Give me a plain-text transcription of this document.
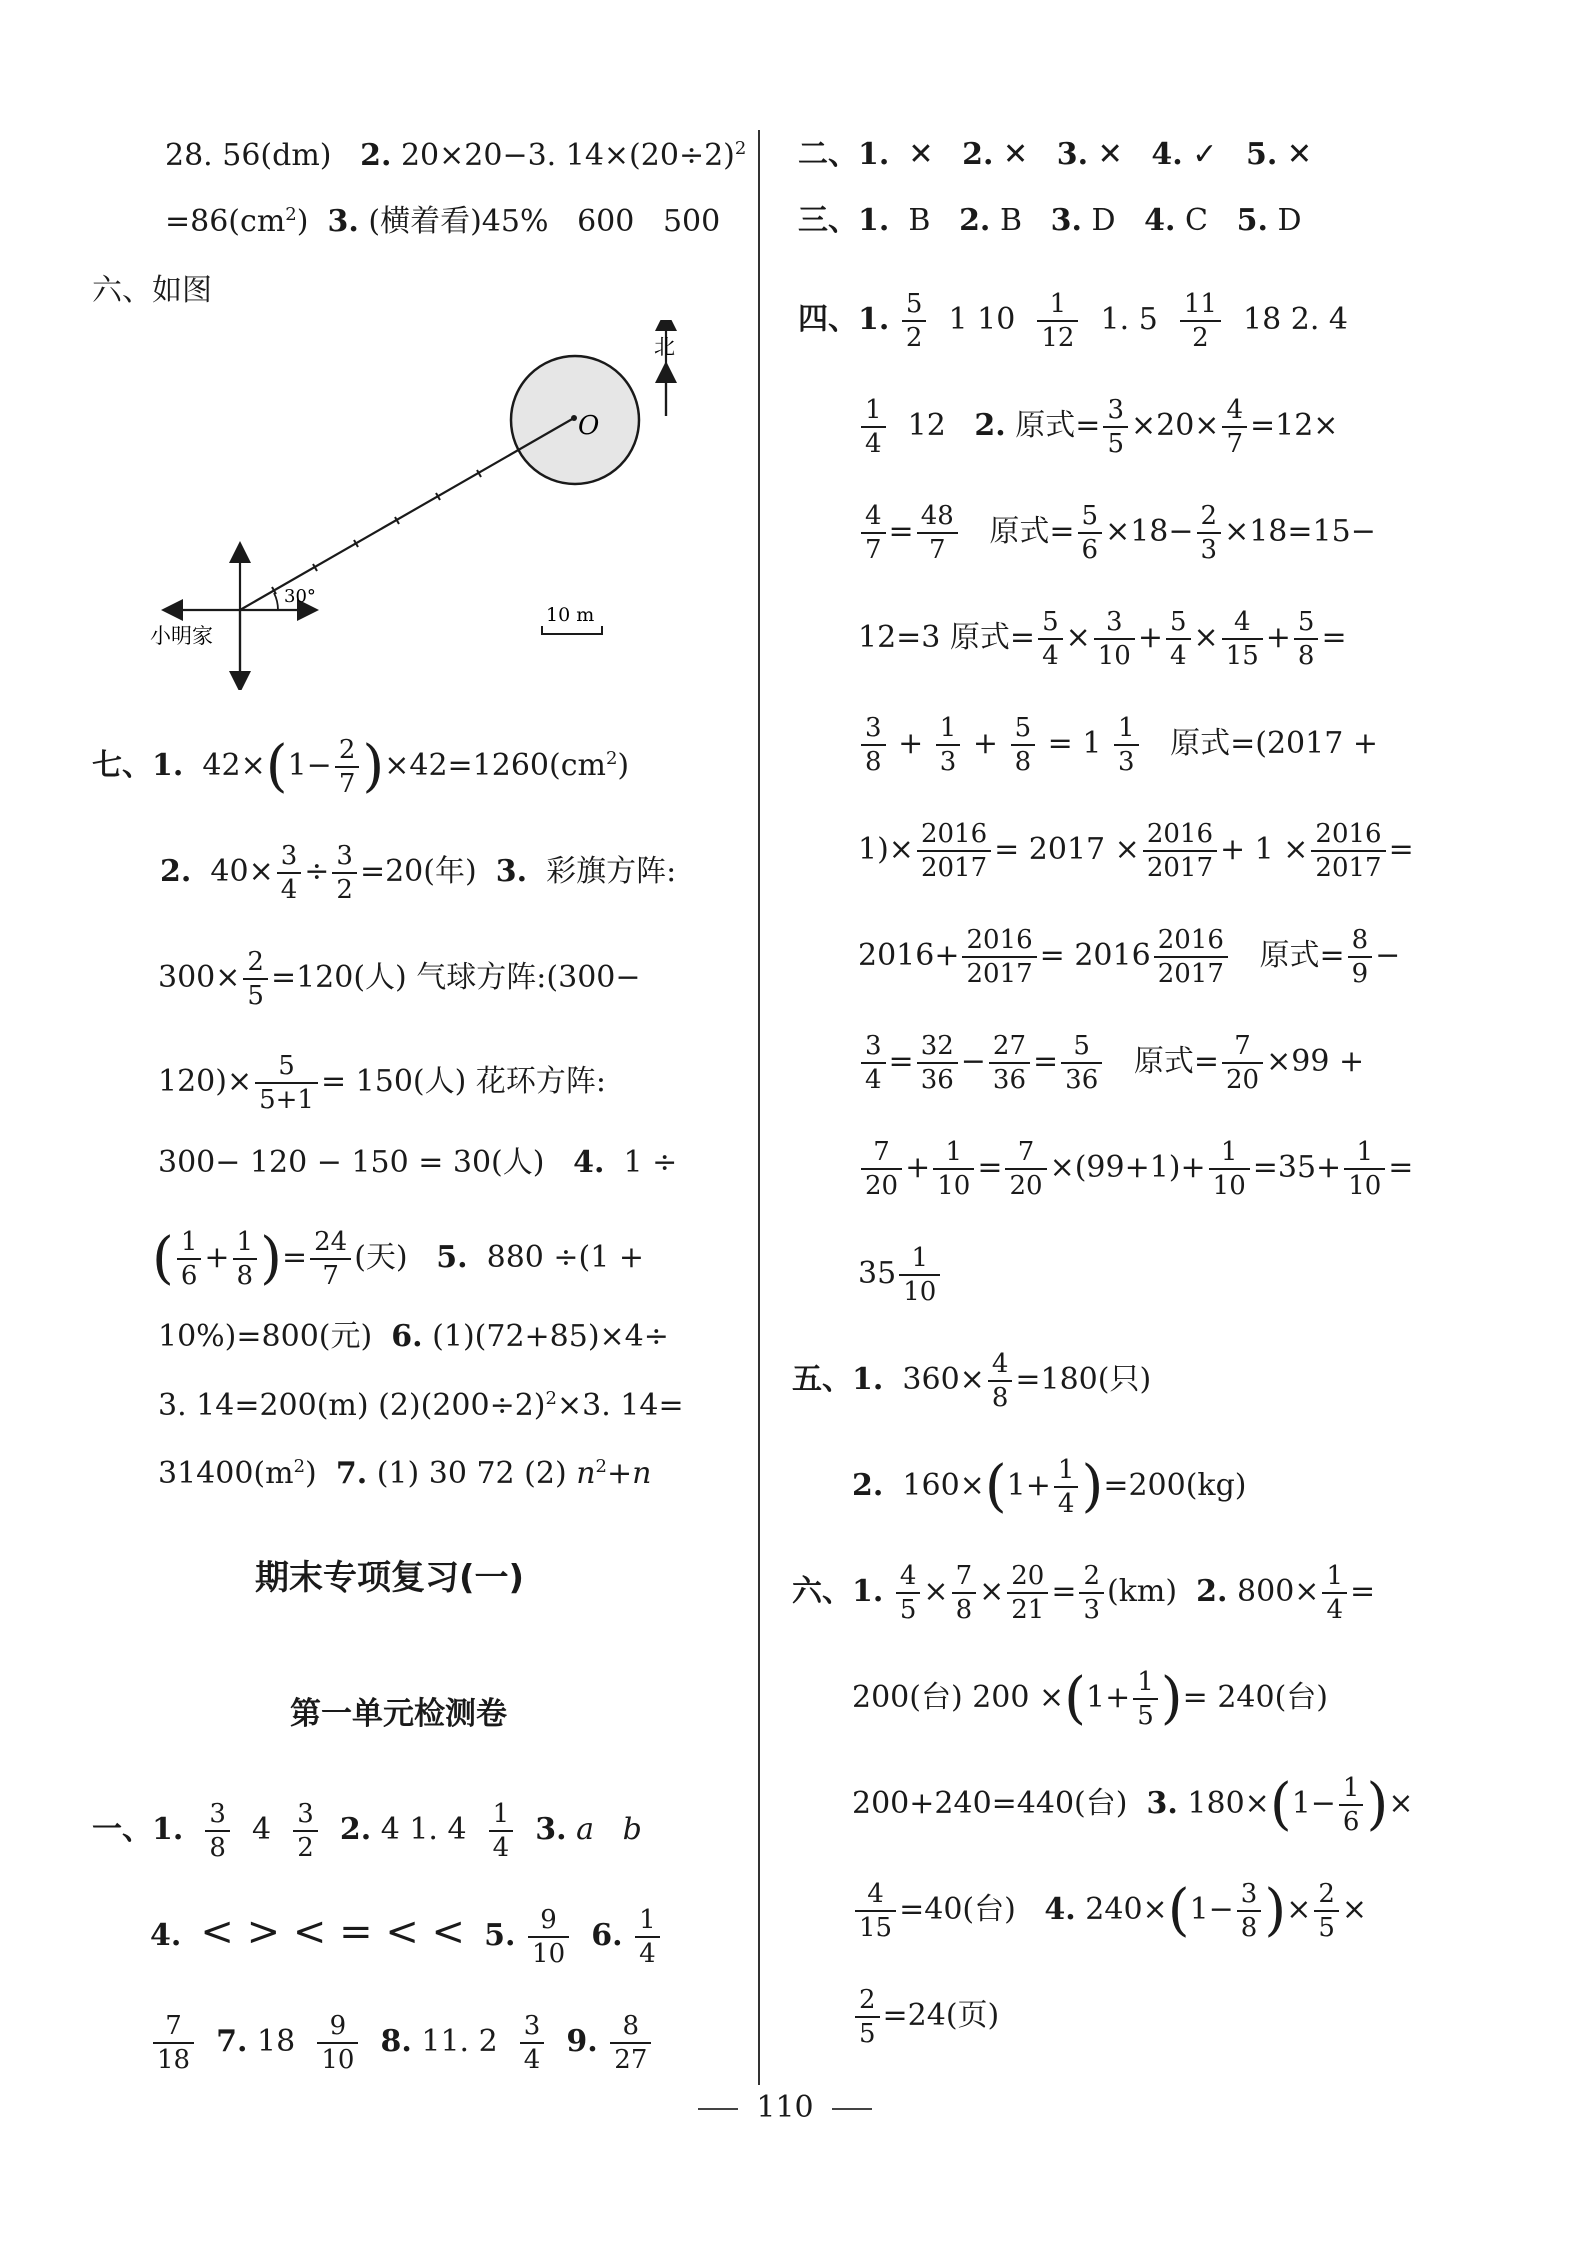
28. 56(dm) 2. 20×20−3. $14\times(20\div 2)^2$
$=86(cm^2)$ 3. (横着看)45% 600 500
六、如图
30°
小明家
O
北
10 m
七、1. $42\times(1- \frac{2}{7} )\times 42=1260(cm^2)$
2. $40\times \frac{3}{4} \div \frac{3}{2} =20$(年) 3. 彩旗方阵:
$300\times \frac{2}{5} =120$(人) 气球方阵:(300−
$120)\times \frac{5}{5+1} = 150$(人) 花环方阵:
300− 120 − 150 = 30(人) 4. 1 ÷
( $\frac{1}{6} + \frac{1}{8}$ )= $\frac{24}{7}$ (天) 5. 880 ÷(1 +
10%)=800(元) 6. (1)(72+85)×4÷
3. 14=200(m) $(2)(200\div 2)^2\times 3$. 14=
$31400(m^2)$ 7. (1) 30 72 (2) $n^2+n$
期末专项复习(一)
第一单元检测卷
一、1. $\frac{3}{8} 4 \frac{3}{2} 2$. 4 1. $4 \frac{1}{4} 3$. a b
4. < > < = < < 5. $\frac{9}{10} 6$. $\frac{1}{4}$
$\frac{7}{18} 7$. $18 \frac{9}{10} 8$. 11. $2 \frac{3}{4} 9$. $\frac{8}{27}$
二、1. ✕ 2. ✕ 3. ✕ 4. ✓ 5. ✕
三、1. B 2. B 3. D 4. C 5. D
四、1. $\frac{5}{2} 1$ $10 \frac{1}{12} 1$. $5 \frac{11}{2} 18$ 2. 4
$\frac{1}{4} 12$ 2. 原式= $\frac{3}{5} \times 20\times \frac{4}{7} =12\times$
$\frac{4}{7} = \frac{48}{7}$ 原式= $\frac{5}{6} \times 18- \frac{2}{3} \times 18=15-$
12=3 原式= $\frac{5}{4} \times \frac{3}{10} + \frac{5}{4} \times \frac{4}{15} + \frac{5}{8}$ =
$\frac{3}{8} + \frac{1}{3} + \frac{5}{8} = 1 \frac{1}{3}$ 原式=(2017 +
$1)\times \frac{2016}{2017} = 2017 \times \frac{2016}{2017} + 1 \times \frac{2016}{2017}$ =
$2016+ \frac{2016}{2017} = 2016 \frac{2016}{2017}$ 原式= $\frac{8}{9}$ −
$\frac{3}{4} = \frac{32}{36} - \frac{27}{36} = \frac{5}{36}$ 原式= $\frac{7}{20} \times 99$ +
$\frac{7}{20} + \frac{1}{10} = \frac{7}{20} \times(99+1)+ \frac{1}{10} =35+ \frac{1}{10}$ =
$35 \frac{1}{10}$
五、1. $360\times \frac{4}{8} =180$(只)
2. $160\times(1+ \frac{1}{4} )=200(kg)$
六、1. $\frac{4}{5} \times \frac{7}{8} \times \frac{20}{21} = \frac{2}{3} (km)$ 2. $800\times \frac{1}{4}$ =
200(台) $200 \times(1+ \frac{1}{5}$ )= 240(台)
200+240=440(台) 3. $180\times(1- \frac{1}{6}$ )×
$\frac{4}{15} =40$(台) 4. $240\times(1- \frac{3}{8}$ )× $\frac{2}{5}$ ×
$\frac{2}{5} =24$(页)
110
